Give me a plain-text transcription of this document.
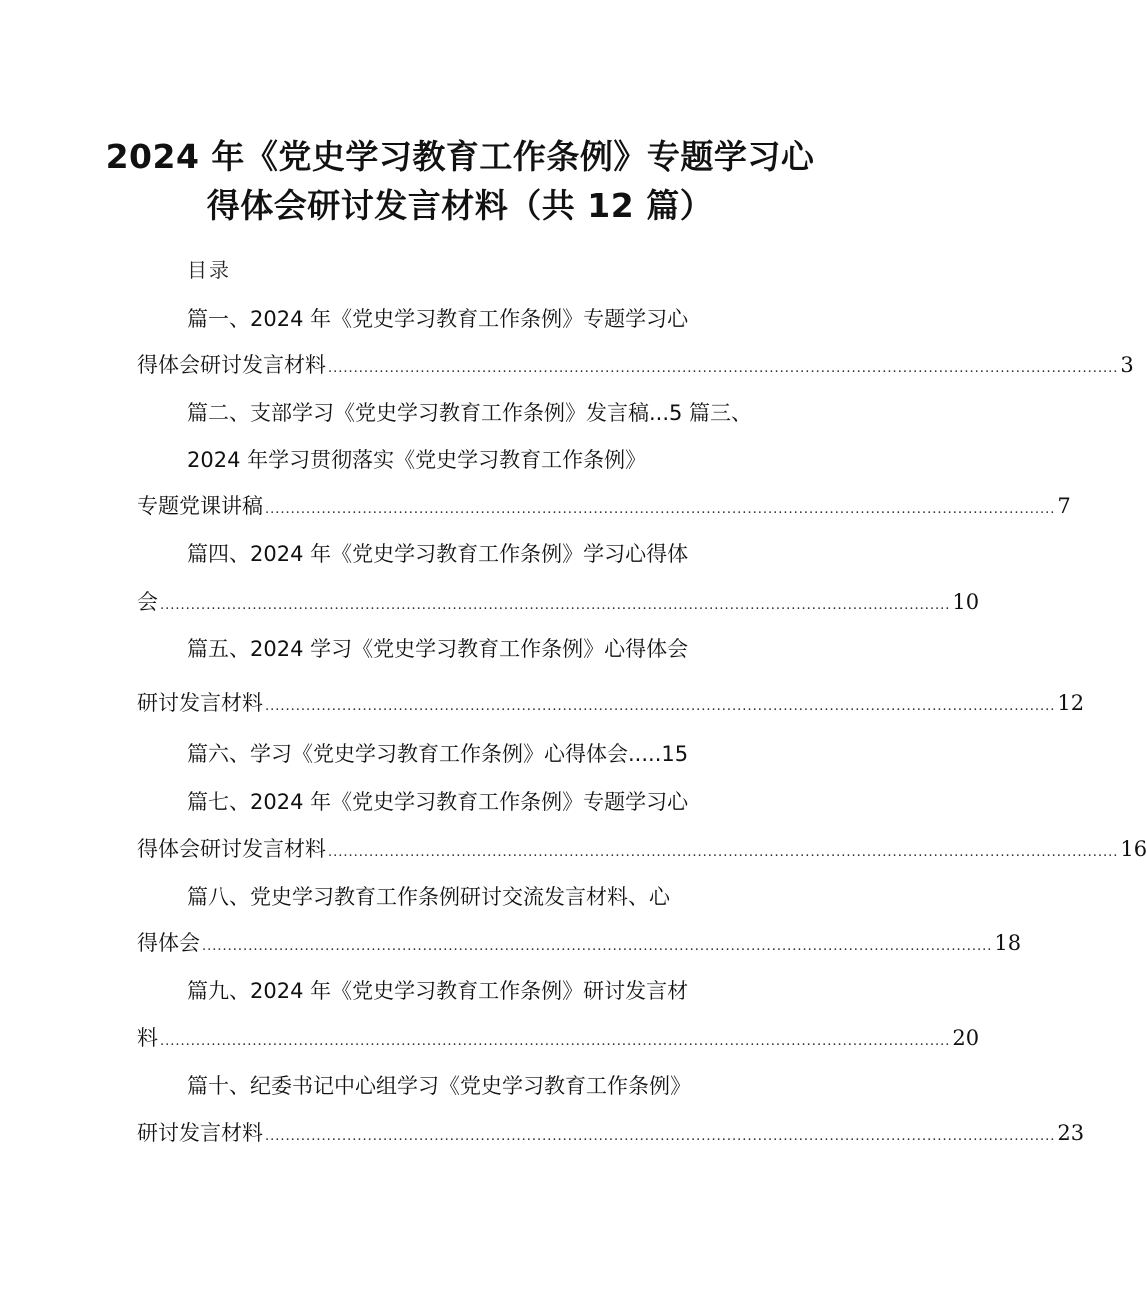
2024 年《党史学习教育工作条例》专题学习心
得体会研讨发言材料（共 12 篇）
目录
篇一、2024 年《党史学习教育工作条例》专题学习心
得体会研讨发言材料 .......................................................................................................................................................... 3
篇二、支部学习《党史学习教育工作条例》发言稿...5 篇三、
2024 年学习贯彻落实《党史学习教育工作条例》
专题党课讲稿 .......................................................................................................................................................... 7
篇四、2024 年《党史学习教育工作条例》学习心得体
会 .......................................................................................................................................................... 10
篇五、2024 学习《党史学习教育工作条例》心得体会
研讨发言材料 .......................................................................................................................................................... 12
篇六、学习《党史学习教育工作条例》心得体会.....15
篇七、2024 年《党史学习教育工作条例》专题学习心
得体会研讨发言材料 .......................................................................................................................................................... 16
篇八、党史学习教育工作条例研讨交流发言材料、心
得体会 .......................................................................................................................................................... 18
篇九、2024 年《党史学习教育工作条例》研讨发言材
料 .......................................................................................................................................................... 20
篇十、纪委书记中心组学习《党史学习教育工作条例》
研讨发言材料 .......................................................................................................................................................... 23
